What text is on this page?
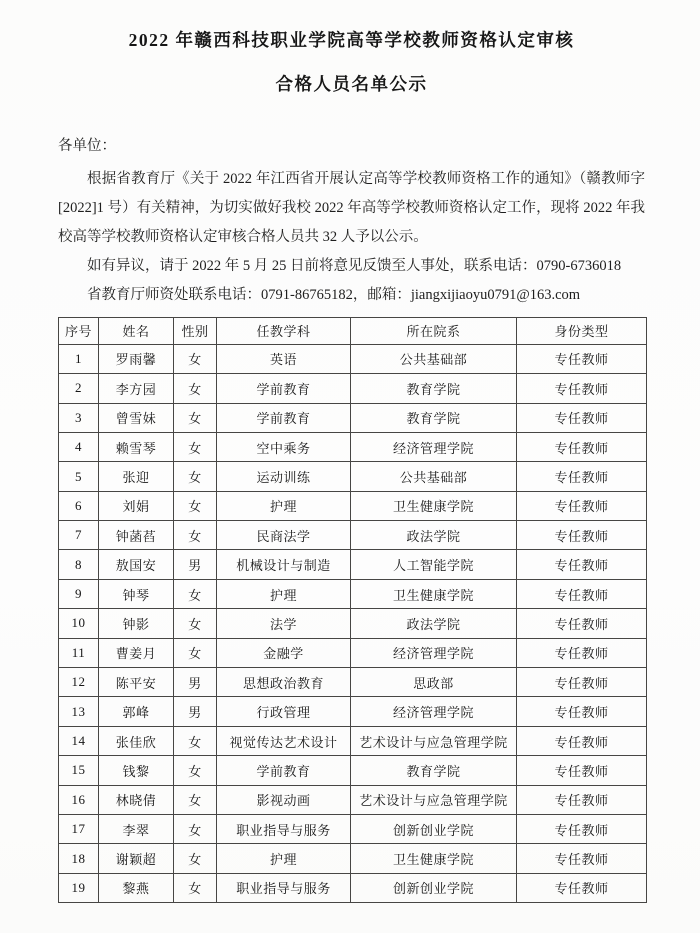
2022 年赣西科技职业学院高等学校教师资格认定审核
合格人员名单公示

各单位：

根据省教育厅《关于 2022 年江西省开展认定高等学校教师资格工作的通知》（赣教师字[2022]1 号）有关精神，为切实做好我校 2022 年高等学校教师资格认定工作，现将 2022 年我校高等学校教师资格认定审核合格人员共 32 人予以公示。

如有异议，请于 2022 年 5 月 25 日前将意见反馈至人事处，联系电话：0790-6736018

省教育厅师资处联系电话：0791-86765182，邮箱：jiangxijiaoyu0791@163.com

序号	姓名	性别	任教学科	所在院系	身份类型
1	罗雨馨	女	英语	公共基础部	专任教师
2	李方园	女	学前教育	教育学院	专任教师
3	曾雪妹	女	学前教育	教育学院	专任教师
4	赖雪琴	女	空中乘务	经济管理学院	专任教师
5	张迎	女	运动训练	公共基础部	专任教师
6	刘娟	女	护理	卫生健康学院	专任教师
7	钟菡萏	女	民商法学	政法学院	专任教师
8	敖国安	男	机械设计与制造	人工智能学院	专任教师
9	钟琴	女	护理	卫生健康学院	专任教师
10	钟影	女	法学	政法学院	专任教师
11	曹姜月	女	金融学	经济管理学院	专任教师
12	陈平安	男	思想政治教育	思政部	专任教师
13	郭峰	男	行政管理	经济管理学院	专任教师
14	张佳欣	女	视觉传达艺术设计	艺术设计与应急管理学院	专任教师
15	钱黎	女	学前教育	教育学院	专任教师
16	林晓倩	女	影视动画	艺术设计与应急管理学院	专任教师
17	李翠	女	职业指导与服务	创新创业学院	专任教师
18	谢颖超	女	护理	卫生健康学院	专任教师
19	黎燕	女	职业指导与服务	创新创业学院	专任教师
